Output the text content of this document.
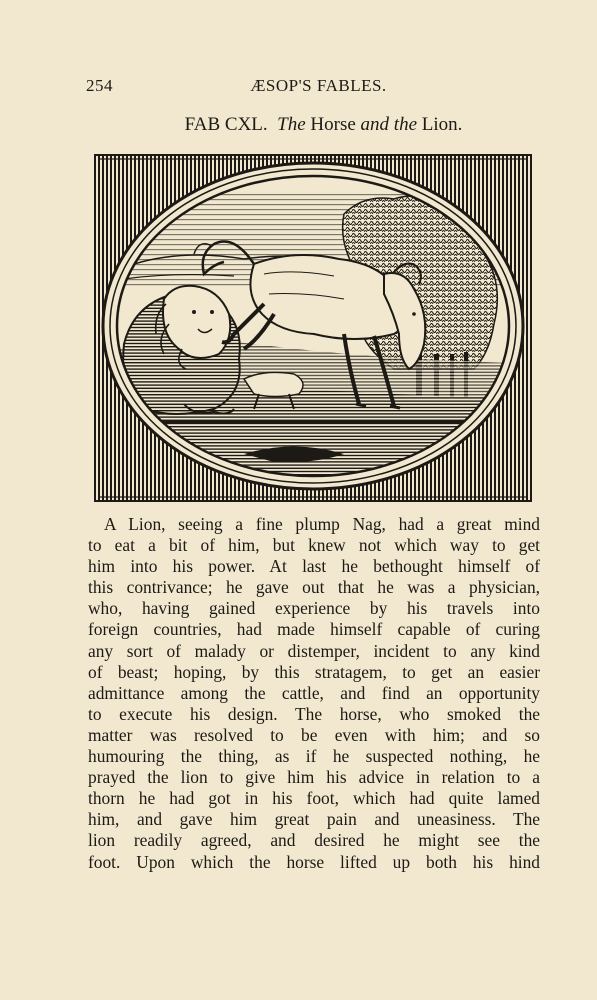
254	ÆSOP'S FABLES.
FAB CXL. The Horse and the Lion.
A Lion, seeing a fine plump Nag, had a great mind
to eat a bit of him, but knew not which way to get
him into his power. At last he bethought himself of
this contrivance; he gave out that he was a physician,
who, having gained experience by his travels into
foreign countries, had made himself capable of curing
any sort of malady or distemper, incident to any kind
of beast; hoping, by this stratagem, to get an easier
admittance among the cattle, and find an opportunity
to execute his design. The horse, who smoked the
matter was resolved to be even with him; and so
humouring the thing, as if he suspected nothing, he
prayed the lion to give him his advice in relation to a
thorn he had got in his foot, which had quite lamed
him, and gave him great pain and uneasiness. The
lion readily agreed, and desired he might see the
foot. Upon which the horse lifted up both his hind
